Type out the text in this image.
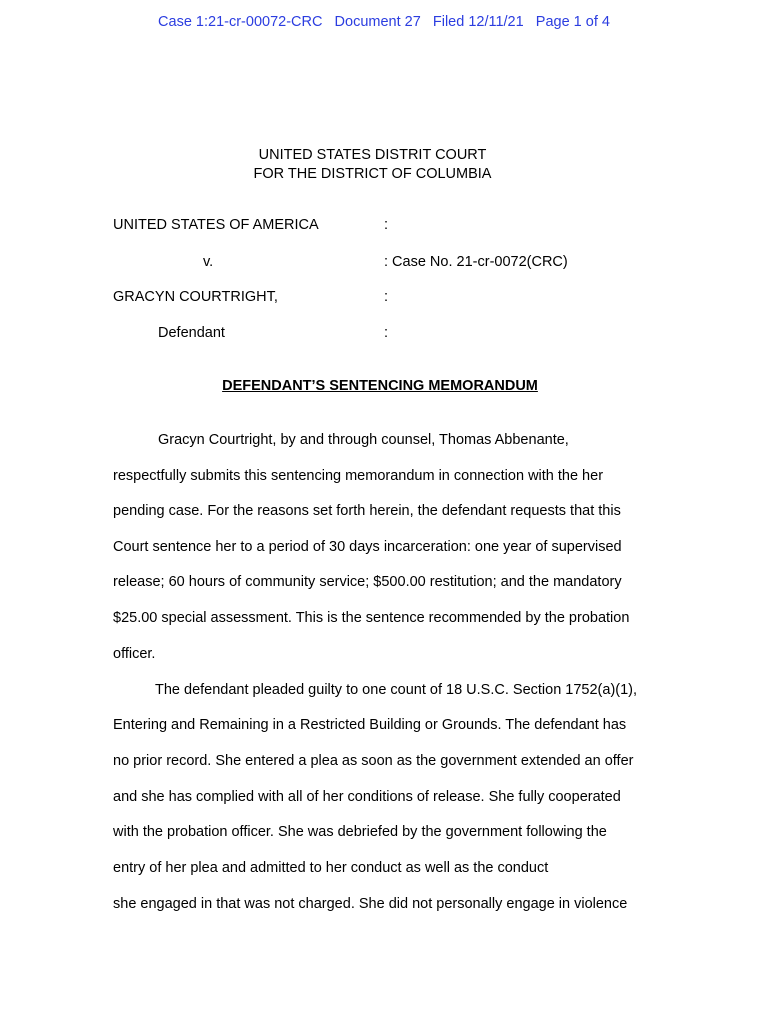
Case 1:21-cr-00072-CRC   Document 27   Filed 12/11/21   Page 1 of 4
UNITED STATES DISTRIT COURT
FOR THE DISTRICT OF COLUMBIA
UNITED STATES OF AMERICA	:
v.	: Case No. 21-cr-0072(CRC)
GRACYN COURTRIGHT,	:
Defendant	:
DEFENDANT’S SENTENCING MEMORANDUM
Gracyn Courtright, by and through counsel, Thomas Abbenante,
respectfully submits this sentencing memorandum in connection with the her
pending case. For the reasons set forth herein, the defendant requests that this
Court sentence her to a period of 30 days incarceration: one year of supervised
release; 60 hours of community service; $500.00 restitution; and the mandatory
$25.00 special assessment. This is the sentence recommended by the probation
officer.
The defendant pleaded guilty to one count of 18 U.S.C. Section 1752(a)(1),
Entering and Remaining in a Restricted Building or Grounds. The defendant has
no prior record. She entered a plea as soon as the government extended an offer
and she has complied with all of her conditions of release. She fully cooperated
with the probation officer. She was debriefed by the government following the
entry of her plea and admitted to her conduct as well as the conduct
she engaged in that was not charged. She did not personally engage in violence
